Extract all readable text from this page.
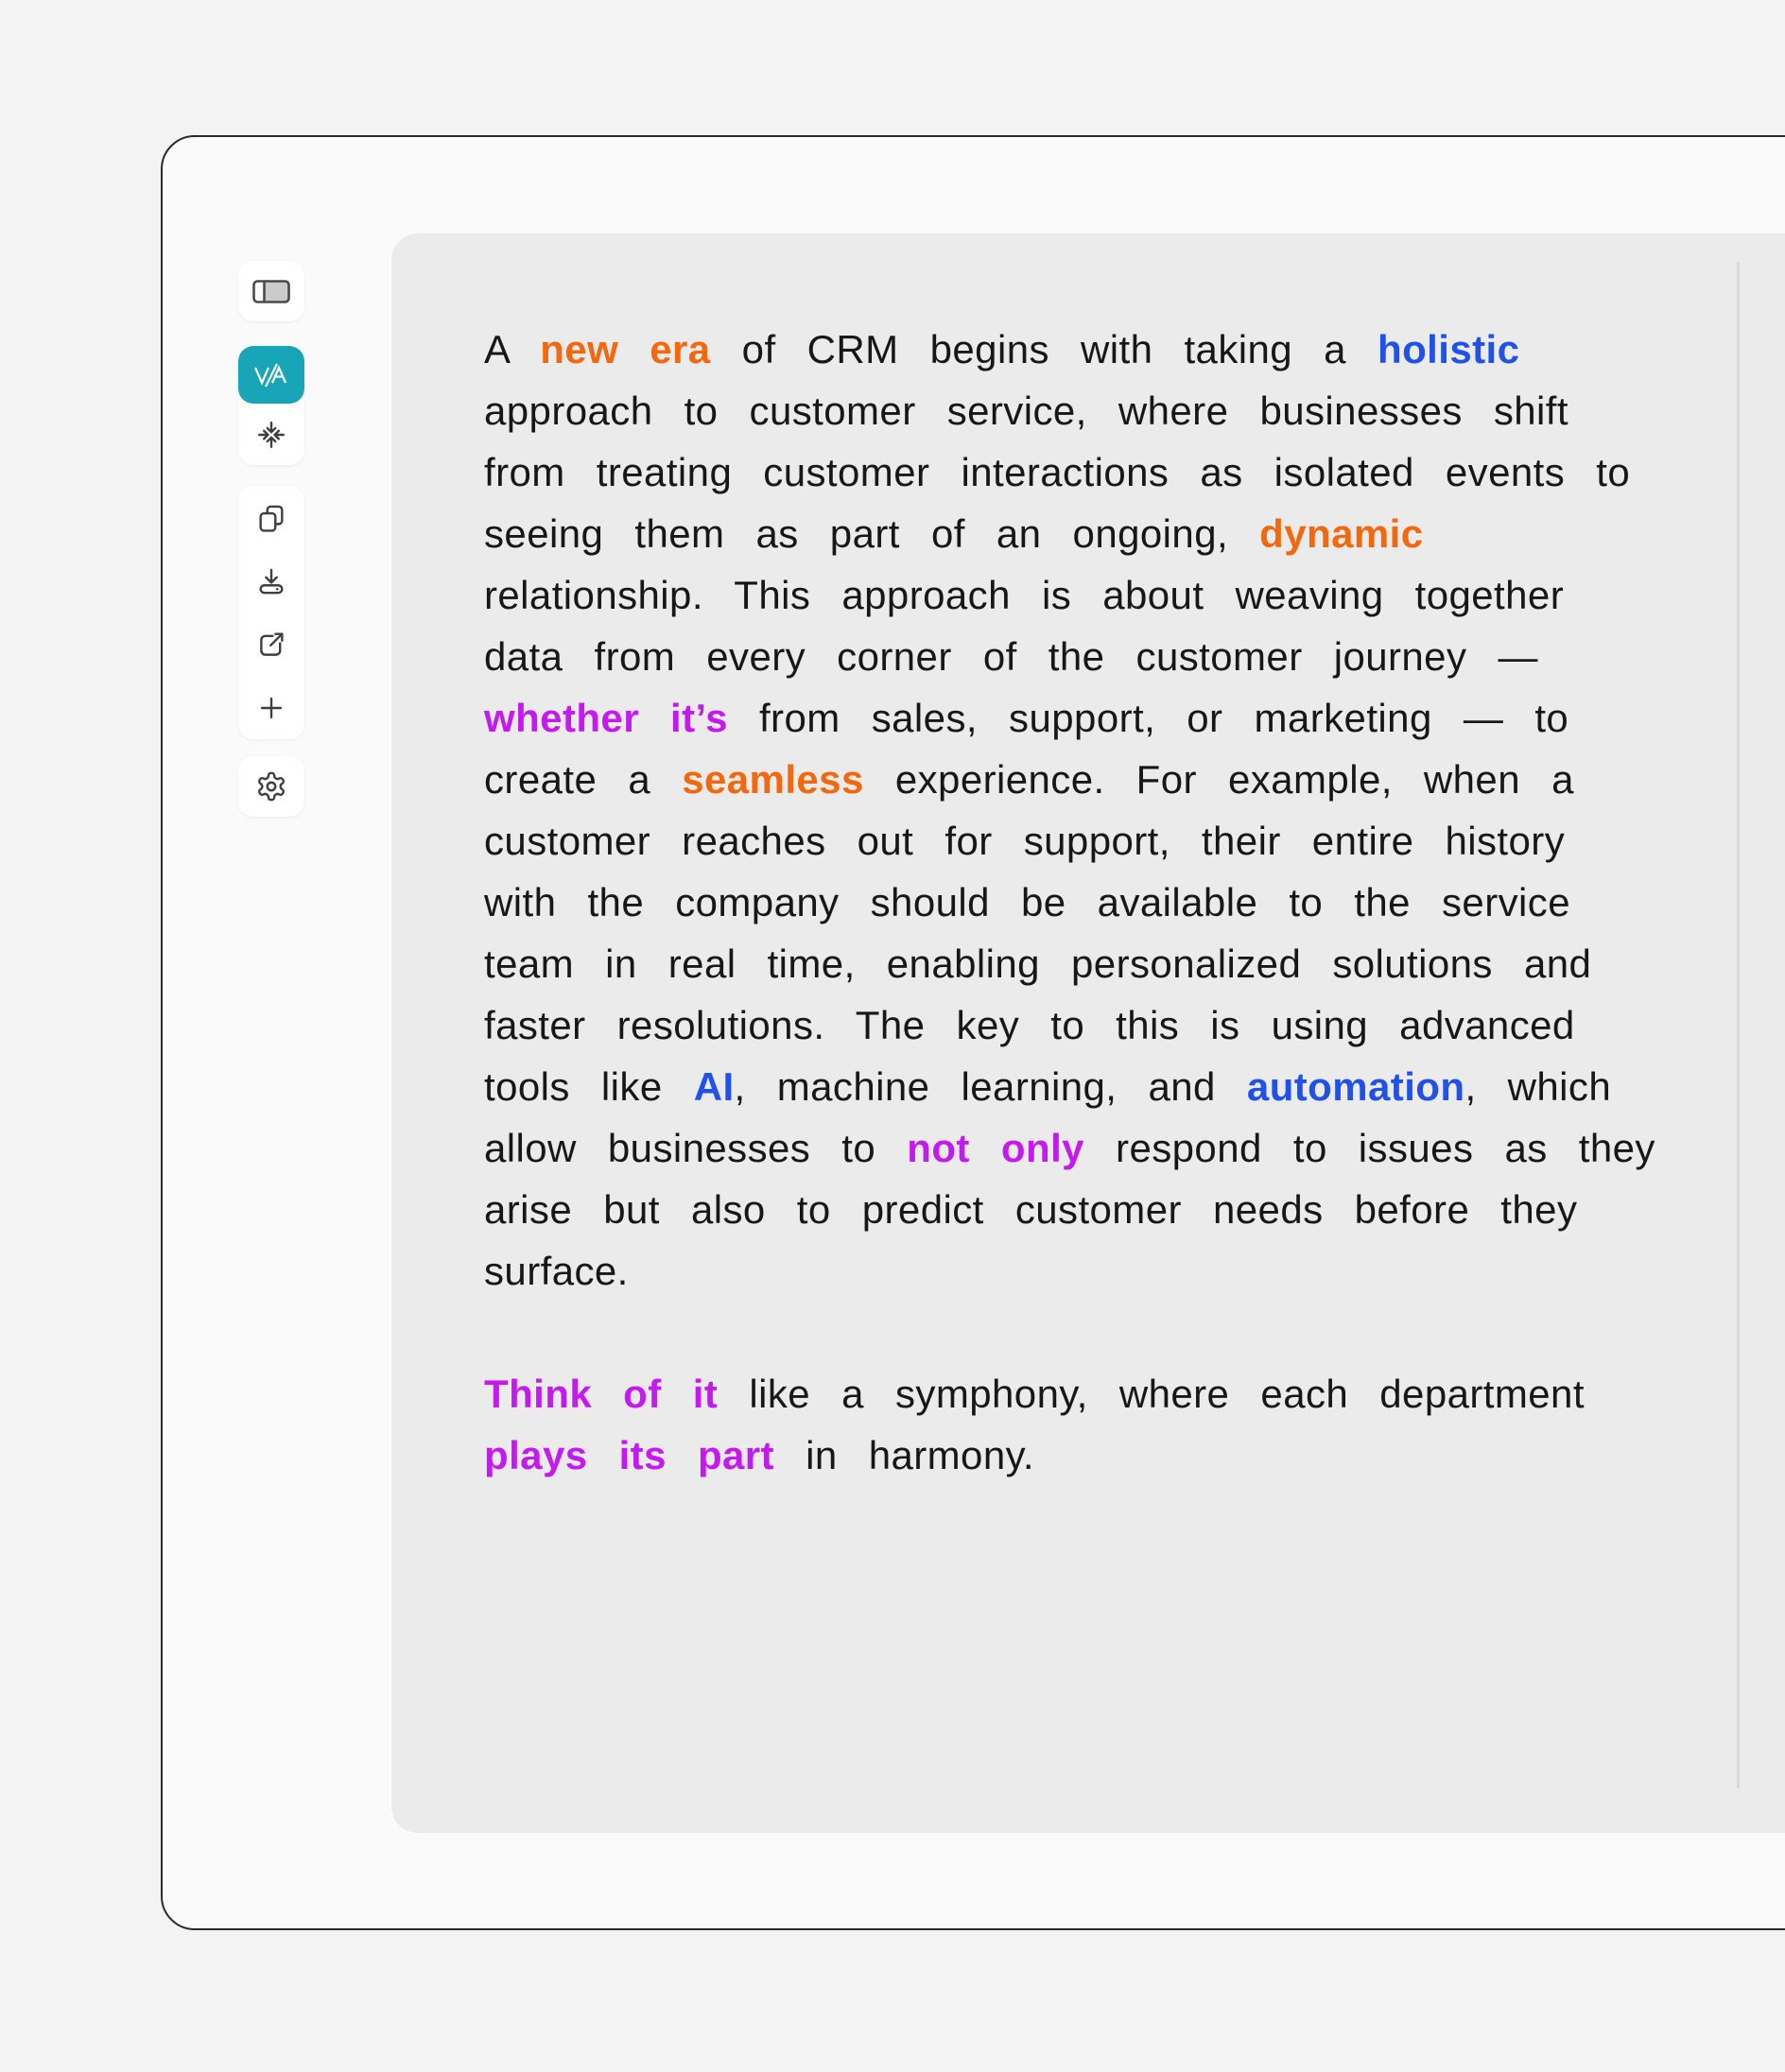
A new era of CRM begins with taking a holistic approach to customer service, where businesses shift from treating customer interactions as isolated events to seeing them as part of an ongoing, dynamic relationship. This approach is about weaving together data from every corner of the customer journey — whether it’s from sales, support, or marketing — to create a seamless experience. For example, when a customer reaches out for support, their entire history with the company should be available to the service team in real time, enabling personalized solutions and faster resolutions. The key to this is using advanced tools like AI, machine learning, and automation, which allow businesses to not only respond to issues as they arise but also to predict customer needs before they surface.

Think of it like a symphony, where each department plays its part in harmony.
